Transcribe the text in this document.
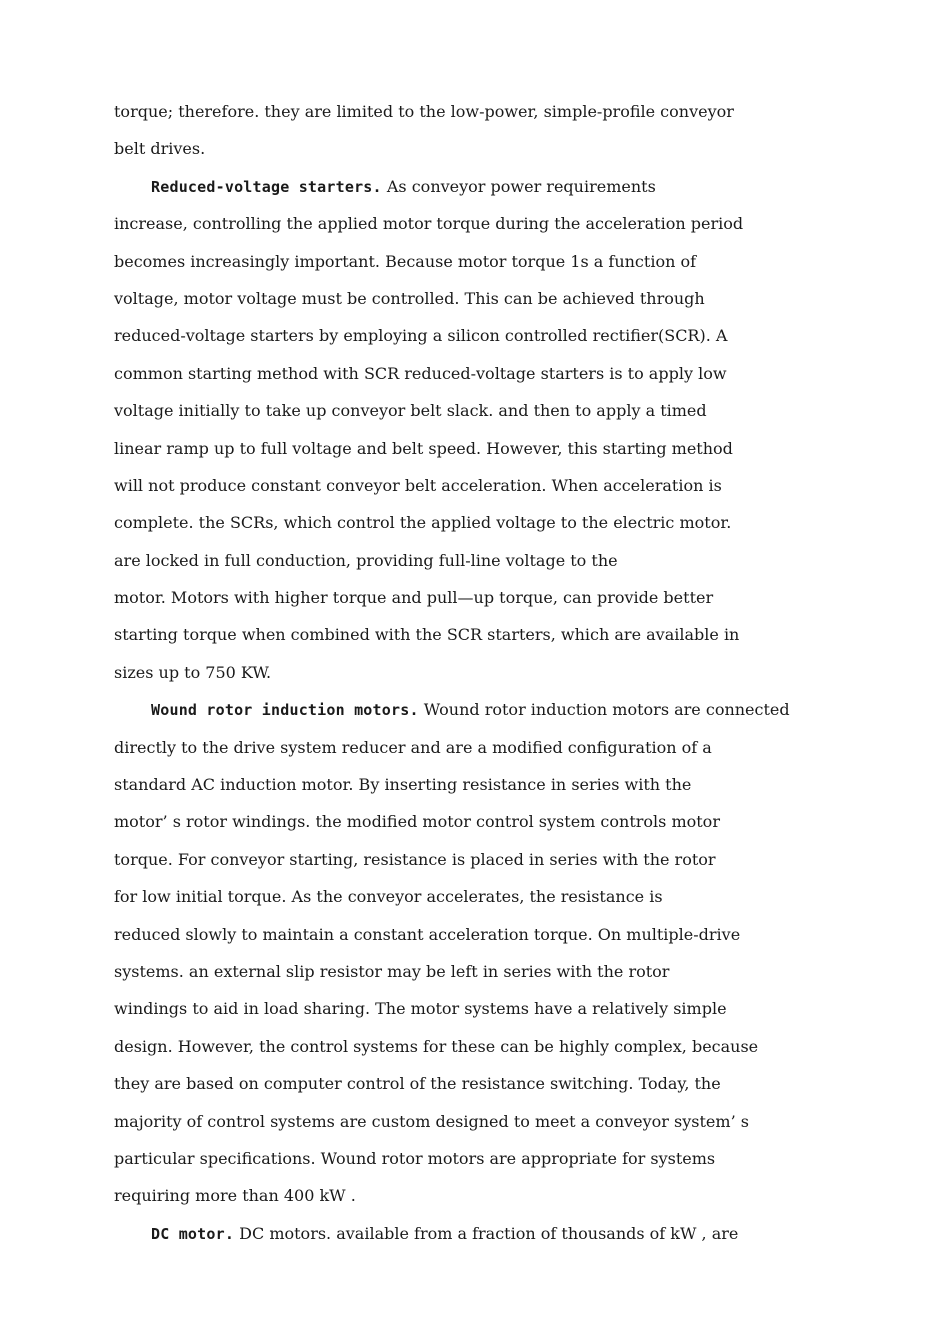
torque; therefore. they are limited to the low-power, simple-profile conveyor
belt drives.
Reduced-voltage starters. As conveyor power requirements
increase, controlling the applied motor torque during the acceleration period
becomes increasingly important. Because motor torque 1s a function of
voltage, motor voltage must be controlled. This can be achieved through
reduced-voltage starters by employing a silicon controlled rectifier(SCR). A
common starting method with SCR reduced-voltage starters is to apply low
voltage initially to take up conveyor belt slack. and then to apply a timed
linear ramp up to full voltage and belt speed. However, this starting method
will not produce constant conveyor belt acceleration. When acceleration is
complete. the SCRs, which control the applied voltage to the electric motor.
are locked in full conduction, providing full-line voltage to the
motor. Motors with higher torque and pull—up torque, can provide better
starting torque when combined with the SCR starters, which are available in
sizes up to 750 KW.
Wound rotor induction motors. Wound rotor induction motors are connected
directly to the drive system reducer and are a modified configuration of a
standard AC induction motor. By inserting resistance in series with the
motor’ s rotor windings. the modified motor control system controls motor
torque. For conveyor starting, resistance is placed in series with the rotor
for low initial torque. As the conveyor accelerates, the resistance is
reduced slowly to maintain a constant acceleration torque. On multiple-drive
systems. an external slip resistor may be left in series with the rotor
windings to aid in load sharing. The motor systems have a relatively simple
design. However, the control systems for these can be highly complex, because
they are based on computer control of the resistance switching. Today, the
majority of control systems are custom designed to meet a conveyor system’ s
particular specifications. Wound rotor motors are appropriate for systems
requiring more than 400 kW .
DC motor. DC motors. available from a fraction of thousands of kW , are
